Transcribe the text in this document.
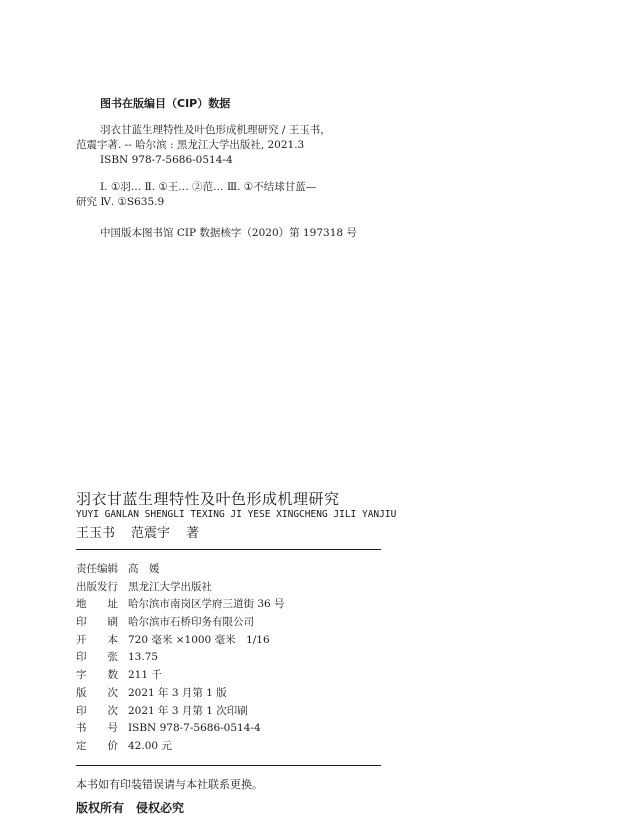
图书在版编目（CIP）数据
羽衣甘蓝生理特性及叶色形成机理研究 / 王玉书，
范震宇著. -- 哈尔滨 : 黑龙江大学出版社, 2021.3
ISBN 978-7-5686-0514-4
Ⅰ. ①羽… Ⅱ. ①王… ②范… Ⅲ. ①不结球甘蓝—
研究 Ⅳ. ①S635.9
中国版本图书馆 CIP 数据核字（2020）第 197318 号
羽衣甘蓝生理特性及叶色形成机理研究
YUYI GANLAN SHENGLI TEXING JI YESE XINGCHENG JILI YANJIU
王玉书 范震宇 著
责任编辑 高　媛
出版发行 黑龙江大学出版社
地　　址 哈尔滨市南岗区学府三道街 36 号
印　　刷 哈尔滨市石桥印务有限公司
开　　本 720 毫米 ×1000 毫米　1/16
印　　张 13.75
字　　数 211 千
版　　次 2021 年 3 月第 1 版
印　　次 2021 年 3 月第 1 次印刷
书　　号 ISBN 978-7-5686-0514-4
定　　价 42.00 元
本书如有印装错误请与本社联系更换。
版权所有　侵权必究
